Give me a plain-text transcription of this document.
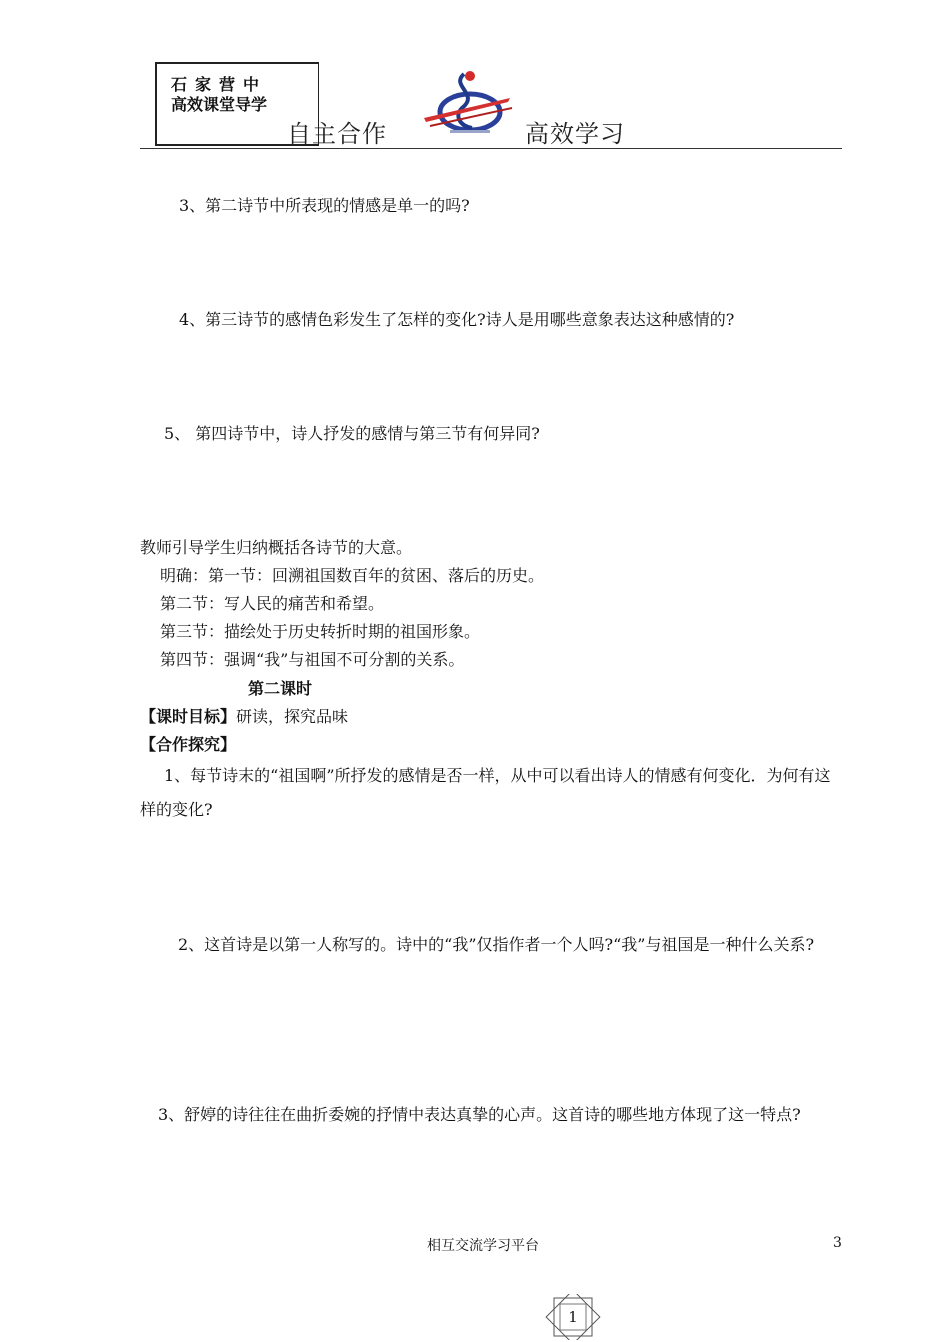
石家营中
高效课堂导学
自主合作	高效学习
3、第二诗节中所表现的情感是单一的吗?
4、第三诗节的感情色彩发生了怎样的变化?诗人是用哪些意象表达这种感情的?
5、 第四诗节中，诗人抒发的感情与第三节有何异同?
教师引导学生归纳概括各诗节的大意。
明确：第一节：回溯祖国数百年的贫困、落后的历史。
第二节：写人民的痛苦和希望。
第三节：描绘处于历史转折时期的祖国形象。
第四节：强调“我”与祖国不可分割的关系。
第二课时
【课时目标】研读，探究品味
【合作探究】
1、每节诗末的“祖国啊”所抒发的感情是否一样，从中可以看出诗人的情感有何变化．为何有这样的变化?
2、这首诗是以第一人称写的。诗中的“我”仅指作者一个人吗?“我”与祖国是一种什么关系?
3、舒婷的诗往往在曲折委婉的抒情中表达真挚的心声。这首诗的哪些地方体现了这一特点?
相互交流学习平台	3
1
